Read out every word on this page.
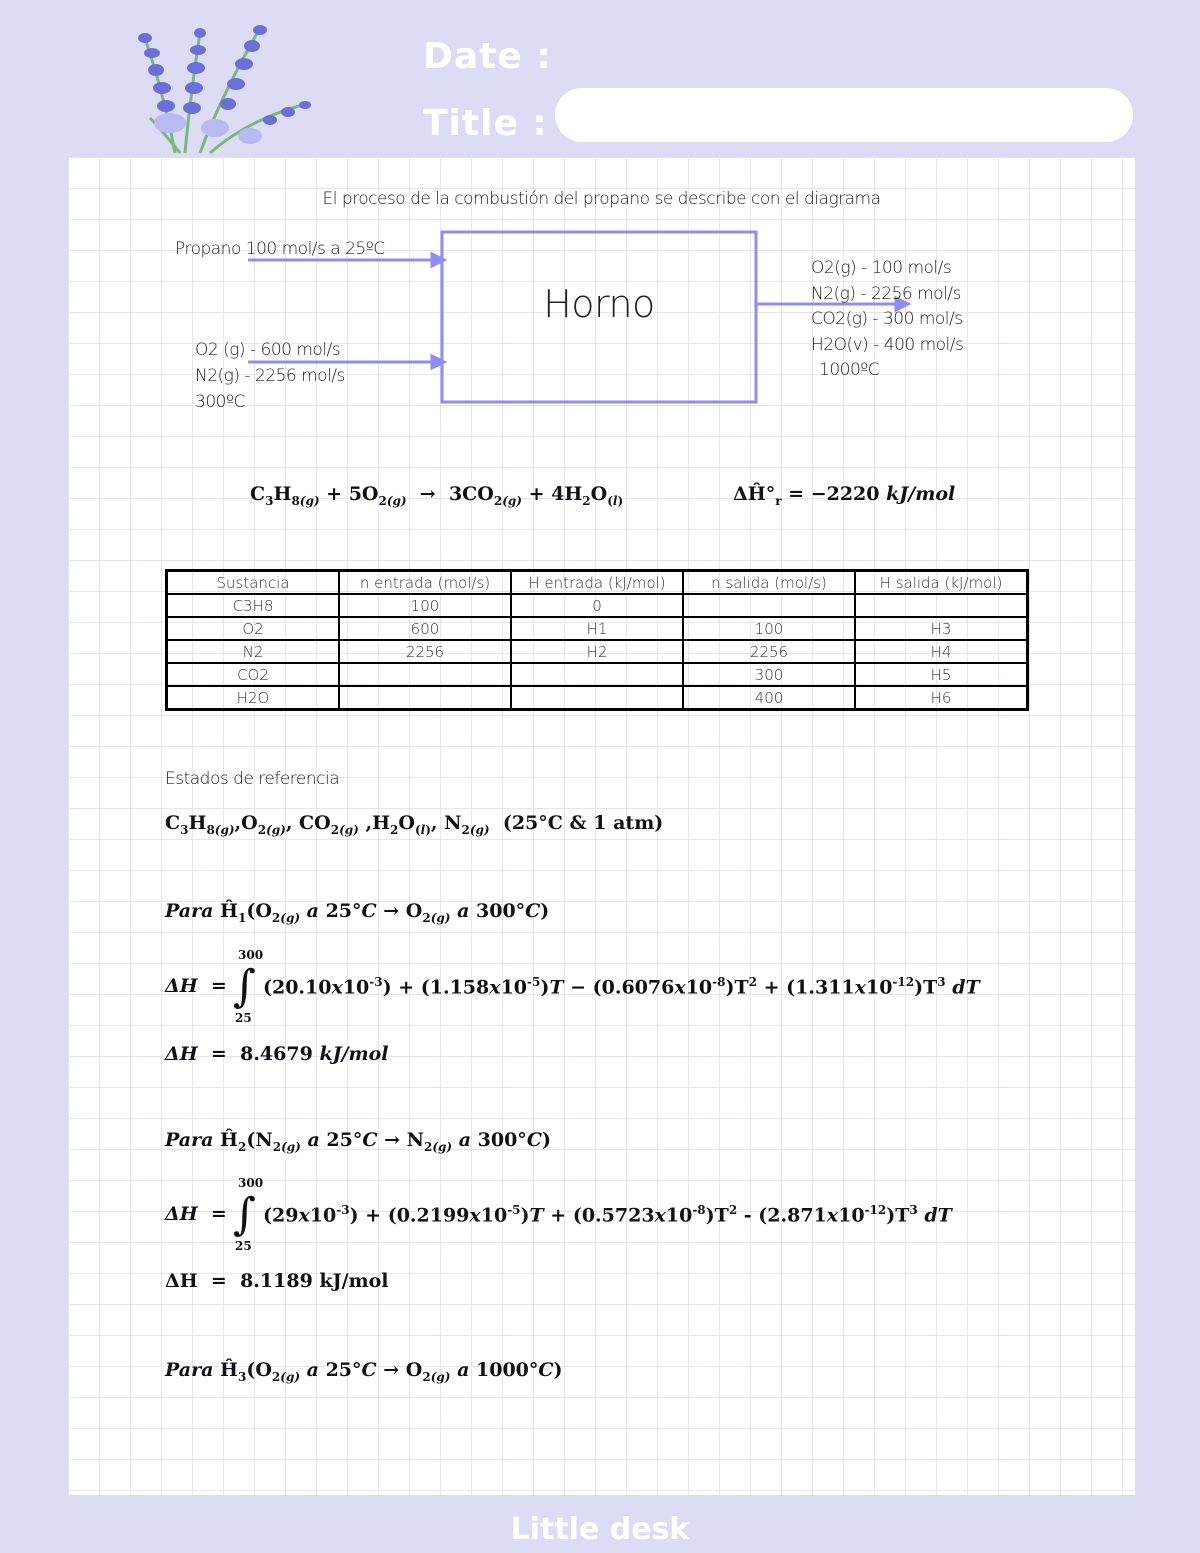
Date :
Title :
El proceso de la combustión del propano se describe con el diagrama
Horno
Propano 100 mol/s a 25ºC
O2 (g) - 600 mol/s
N2(g) - 2256 mol/s
300ºC
O2(g) - 100 mol/s
N2(g) - 2256 mol/s
CO2(g) - 300 mol/s
H2O(v) - 400 mol/s
1000ºC
$C_3H_{8(g)} + 5O_{2(g)} \to 3CO_{2(g)} + 4H_2O_{(l)}$	$\Delta Ĥ^\circ_r = -2220$ kJ/mol
Sustancia	n entrada (mol/s)	H entrada (kJ/mol)	n salida (mol/s)	H salida (kJ/mol)
C3H8	100	0		
O2	600	H1	100	H3
N2	2256	H2	2256	H4
CO2			300	H5
H2O			400	H6
Estados de referencia
$C_3H_{8(g)},O_{2(g)}$, $CO_{2(g)}$ $,H_2O_{(l)}$, $N_{2(g)}$ (25°C & 1 atm)
Para $Ĥ_1(O_{2(g)}$ a $25^\circ C \to O_{2(g)}$ a 300°C)
ΔH  =
300
∫
25
$(20.10x10^{-3}) + (1.158x10^{-5})T - (0.6076x10^{-8})T^2 + (1.311x10^{-12})T^3$ dT
ΔH  =  8.4679 kJ/mol
Para $Ĥ_2(N_{2(g)}$ a $25^\circ C \to N_{2(g)}$ a 300°C)
ΔH  =
300
∫
25
$(29x10^{-3}) + (0.2199x10^{-5})T + (0.5723x10^{-8})T^2 - (2.871x10^{-12})T^3$ dT
ΔH  =  8.1189 kJ/mol
Para $Ĥ_3(O_{2(g)}$ a $25^\circ C \to O_{2(g)}$ a 1000°C)
Little desk
